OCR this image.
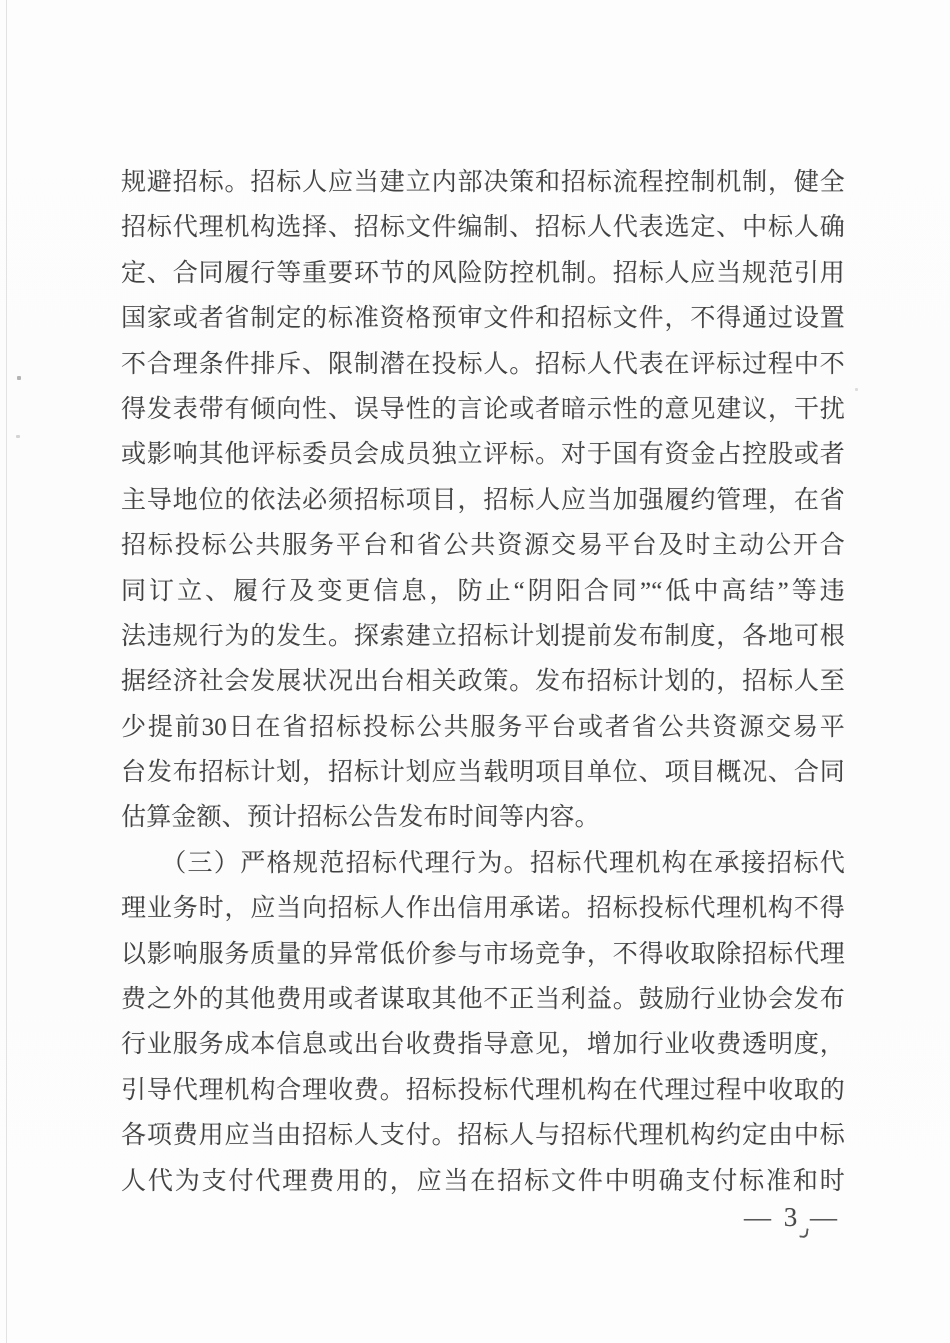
规避招标。招标人应当建立内部决策和招标流程控制机制，健全
招标代理机构选择、招标文件编制、招标人代表选定、中标人确
定、合同履行等重要环节的风险防控机制。招标人应当规范引用
国家或者省制定的标准资格预审文件和招标文件，不得通过设置
不合理条件排斥、限制潜在投标人。招标人代表在评标过程中不
得发表带有倾向性、误导性的言论或者暗示性的意见建议，干扰
或影响其他评标委员会成员独立评标。对于国有资金占控股或者
主导地位的依法必须招标项目，招标人应当加强履约管理，在省
招标投标公共服务平台和省公共资源交易平台及时主动公开合
同订立、履行及变更信息，防止“阴阳合同”“低中高结”等违
法违规行为的发生。探索建立招标计划提前发布制度，各地可根
据经济社会发展状况出台相关政策。发布招标计划的，招标人至
少提前30日在省招标投标公共服务平台或者省公共资源交易平
台发布招标计划，招标计划应当载明项目单位、项目概况、合同
估算金额、预计招标公告发布时间等内容。
　　（三）严格规范招标代理行为。招标代理机构在承接招标代
理业务时，应当向招标人作出信用承诺。招标投标代理机构不得
以影响服务质量的异常低价参与市场竞争，不得收取除招标代理
费之外的其他费用或者谋取其他不正当利益。鼓励行业协会发布
行业服务成本信息或出台收费指导意见，增加行业收费透明度，
引导代理机构合理收费。招标投标代理机构在代理过程中收取的
各项费用应当由招标人支付。招标人与招标代理机构约定由中标
人代为支付代理费用的，应当在招标文件中明确支付标准和时
— 3 —
